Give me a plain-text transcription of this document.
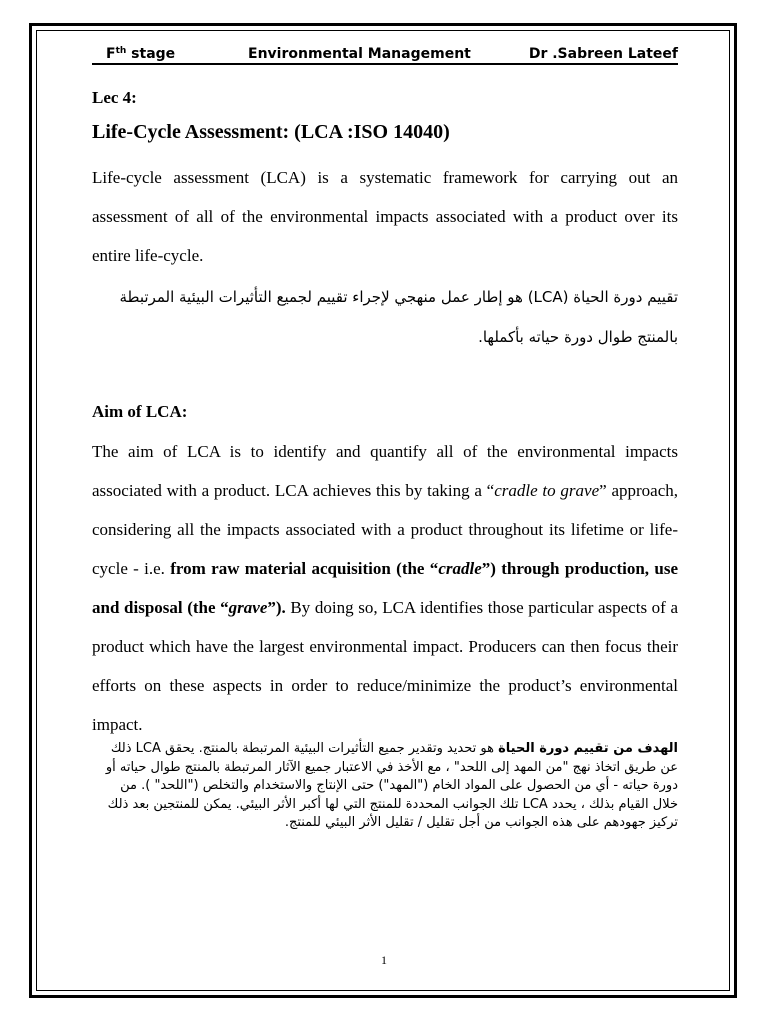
$F^{th}$ stage	Environmental Management	Dr .Sabreen Lateef
Lec 4:
Life-Cycle Assessment: (LCA :ISO 14040)
Life-cycle assessment (LCA) is a systematic framework for carrying out an assessment of all of the environmental impacts associated with a product over its entire life-cycle.
تقييم دورة الحياة (LCA) هو إطار عمل منهجي لإجراء تقييم لجميع التأثيرات البيئية المرتبطة بالمنتج طوال دورة حياته بأكملها.
Aim of LCA:
The aim of LCA is to identify and quantify all of the environmental impacts associated with a product. LCA achieves this by taking a “cradle to grave” approach, considering all the impacts associated with a product throughout its lifetime or life-cycle - i.e. from raw material acquisition (the “cradle”) through production, use and disposal (the “grave”). By doing so, LCA identifies those particular aspects of a product which have the largest environmental impact. Producers can then focus their efforts on these aspects in order to reduce/minimize the product’s environmental impact.
الهدف من تقييم دورة الحياة هو تحديد وتقدير جميع التأثيرات البيئية المرتبطة بالمنتج. يحقق LCA ذلك عن طريق اتخاذ نهج "من المهد إلى اللحد" ، مع الأخذ في الاعتبار جميع الآثار المرتبطة بالمنتج طوال حياته أو دورة حياته - أي من الحصول على المواد الخام ("المهد") حتى الإنتاج والاستخدام والتخلص ("اللحد" ). من خلال القيام بذلك ، يحدد LCA تلك الجوانب المحددة للمنتج التي لها أكبر الأثر البيئي. يمكن للمنتجين بعد ذلك تركيز جهودهم على هذه الجوانب من أجل تقليل / تقليل الأثر البيئي للمنتج.
1
